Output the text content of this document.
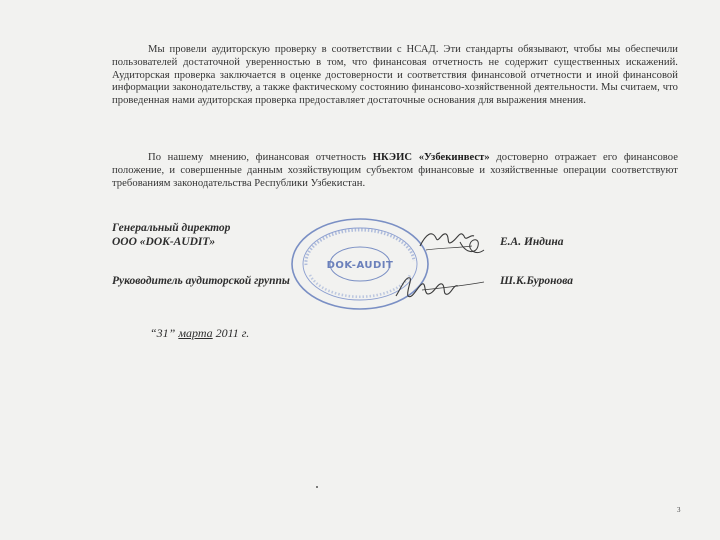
Мы провели аудиторскую проверку в соответствии с НСАД. Эти стандарты обязывают, чтобы мы обеспечили пользователей достаточной уверенностью в том, что финансовая отчетность не содержит существенных искажений. Аудиторская проверка заключается в оценке достоверности и соответствия финансовой отчетности и иной финансовой информации законодательству, а также фактическому состоянию финансово-хозяйственной деятельности. Мы считаем, что проведенная нами аудиторская проверка предоставляет достаточные основания для выражения мнения.
По нашему мнению, финансовая отчетность НКЭИС «Узбекинвест» достоверно отражает его финансовое положение, и совершенные данным хозяйствующим субъектом финансовые и хозяйственные операции соответствуют требованиям законодательства Республики Узбекистан.
Генеральный директор
ООО «DOK-AUDIT»	Е.А. Индина
Руководитель аудиторской группы	Ш.К.Буронова
DOK-AUDIT
“31” марта 2011 г.
3
